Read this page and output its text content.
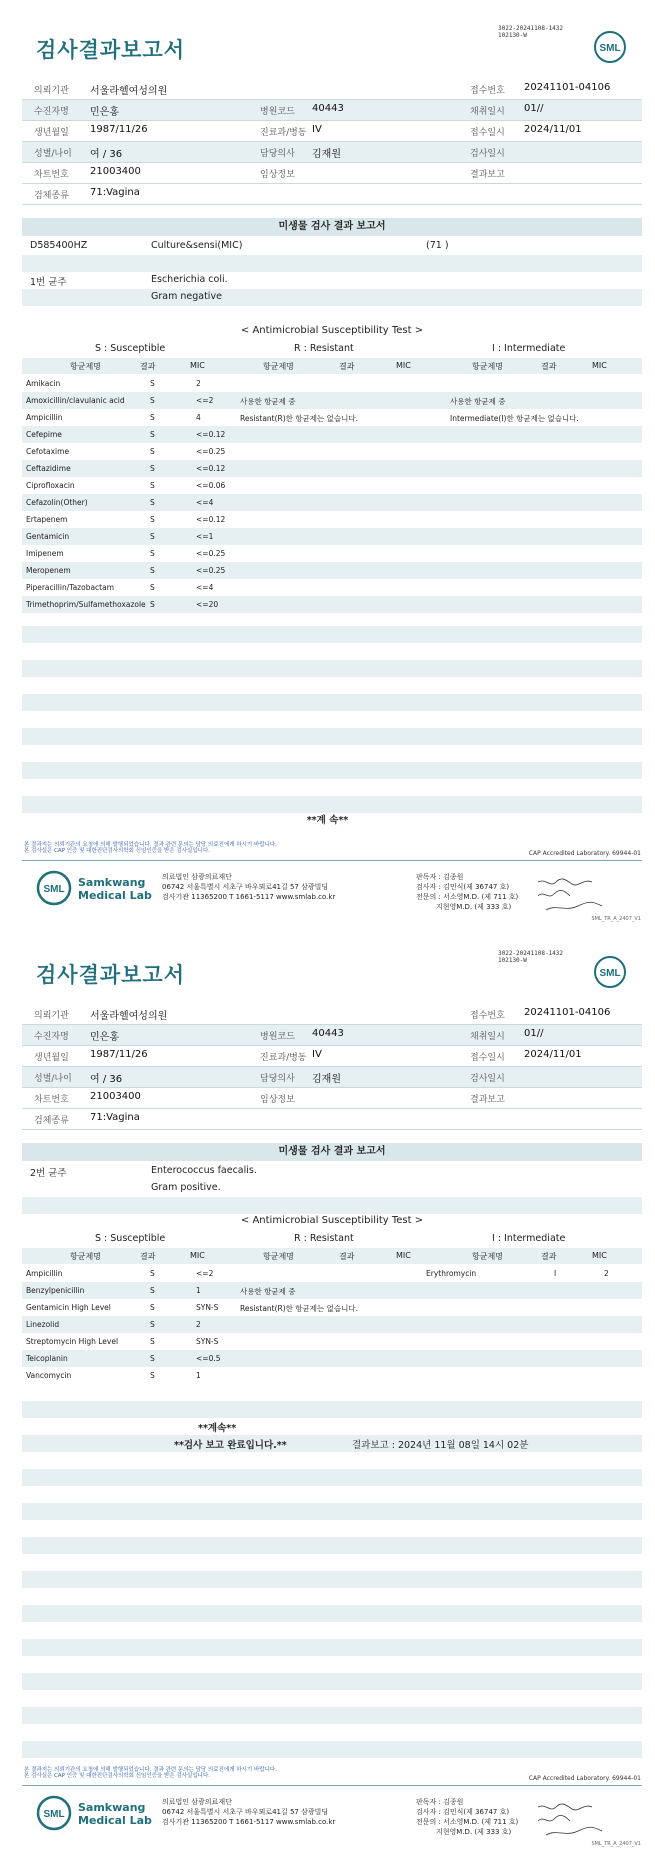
3022-20241108-1432
102130-W
검사결과보고서	SML
의뢰기관 서울라헬여성의원	접수번호 20241101-04106
수진자명 민은홍	병원코드 40443	채취일시 01//
생년월일 1987/11/26	진료과/병동 IV	접수일시 2024/11/01
성별/나이 여 / 36	담당의사 김재원	검사일시
차트번호 21003400	임상정보	결과보고
검체종류 71:Vagina
미생물 검사 결과 보고서
D585400HZ	Culture&sensi(MIC)	(71 )
1번 균주	Escherichia coli.
Gram negative
< Antimicrobial Susceptibility Test >
S : Susceptible	R : Resistant	I : Intermediate
항균제명	결과	MIC	항균제명	결과	MIC	항균제명	결과	MIC
Amikacin	S	2
Amoxicillin/clavulanic acid	S	<=2	사용한 항균제 중	사용한 항균제 중
Ampicillin	S	4	Resistant(R)한 항균제는 없습니다.	Intermediate(I)한 항균제는 없습니다.
Cefepime	S	<=0.12
Cefotaxime	S	<=0.25
Ceftazidime	S	<=0.12
Ciprofloxacin	S	<=0.06
Cefazolin(Other)	S	<=4
Ertapenem	S	<=0.12
Gentamicin	S	<=1
Imipenem	S	<=0.25
Meropenem	S	<=0.25
Piperacillin/Tazobactam	S	<=4
Trimethoprim/Sulfamethoxazole S	<=20
**계 속**
본 결과지는 의뢰기관의 요청에 의해 발행되었습니다. 결과 관련 문의는 담당 의료진에게 하시기 바랍니다.
본 검사실은 CAP 인증 및 대한진단검사의학회 신임인증을 받은 검사실입니다.	CAP Accredited Laboratory. 69944-01
SML
Samkwang
Medical Lab
의료법인 삼광의료재단
06742 서울특별시 서초구 바우뫼로41길 57 삼광빌딩
검사기관 11365200 T 1661-5117 www.smlab.co.kr
판독자 : 김종원
검사자 : 김민식(제 36747 호)
전문의 : 서소영M.D. (제 711 호)
지현영M.D. (제 333 호)
SML_TR_A_2407_V1
3022-20241108-1432
102130-W
검사결과보고서	SML
의뢰기관 서울라헬여성의원	접수번호 20241101-04106
수진자명 민은홍	병원코드 40443	채취일시 01//
생년월일 1987/11/26	진료과/병동 IV	접수일시 2024/11/01
성별/나이 여 / 36	담당의사 김재원	검사일시
차트번호 21003400	임상정보	결과보고
검체종류 71:Vagina
미생물 검사 결과 보고서
2번 균주	Enterococcus faecalis.
Gram positive.
< Antimicrobial Susceptibility Test >
S : Susceptible	R : Resistant	I : Intermediate
항균제명	결과	MIC	항균제명	결과	MIC	항균제명	결과	MIC
Ampicillin	S	<=2	Erythromycin	I	2
Benzylpenicillin	S	1	사용한 항균제 중
Gentamicin High Level	S	SYN-S	Resistant(R)한 항균제는 없습니다.
Linezolid	S	2
Streptomycin High Level	S	SYN-S
Teicoplanin	S	<=0.5
Vancomycin	S	1
**계속**
**검사 보고 완료입니다.**	결과보고 : 2024년 11월 08일 14시 02분
본 결과지는 의뢰기관의 요청에 의해 발행되었습니다. 결과 관련 문의는 담당 의료진에게 하시기 바랍니다.
본 검사실은 CAP 인증 및 대한진단검사의학회 신임인증을 받은 검사실입니다.	CAP Accredited Laboratory. 69944-01
SML
Samkwang
Medical Lab
의료법인 삼광의료재단
06742 서울특별시 서초구 바우뫼로41길 57 삼광빌딩
검사기관 11365200 T 1661-5117 www.smlab.co.kr
판독자 : 김종원
검사자 : 김민식(제 36747 호)
전문의 : 서소영M.D. (제 711 호)
지현영M.D. (제 333 호)
SML_TR_A_2407_V1
